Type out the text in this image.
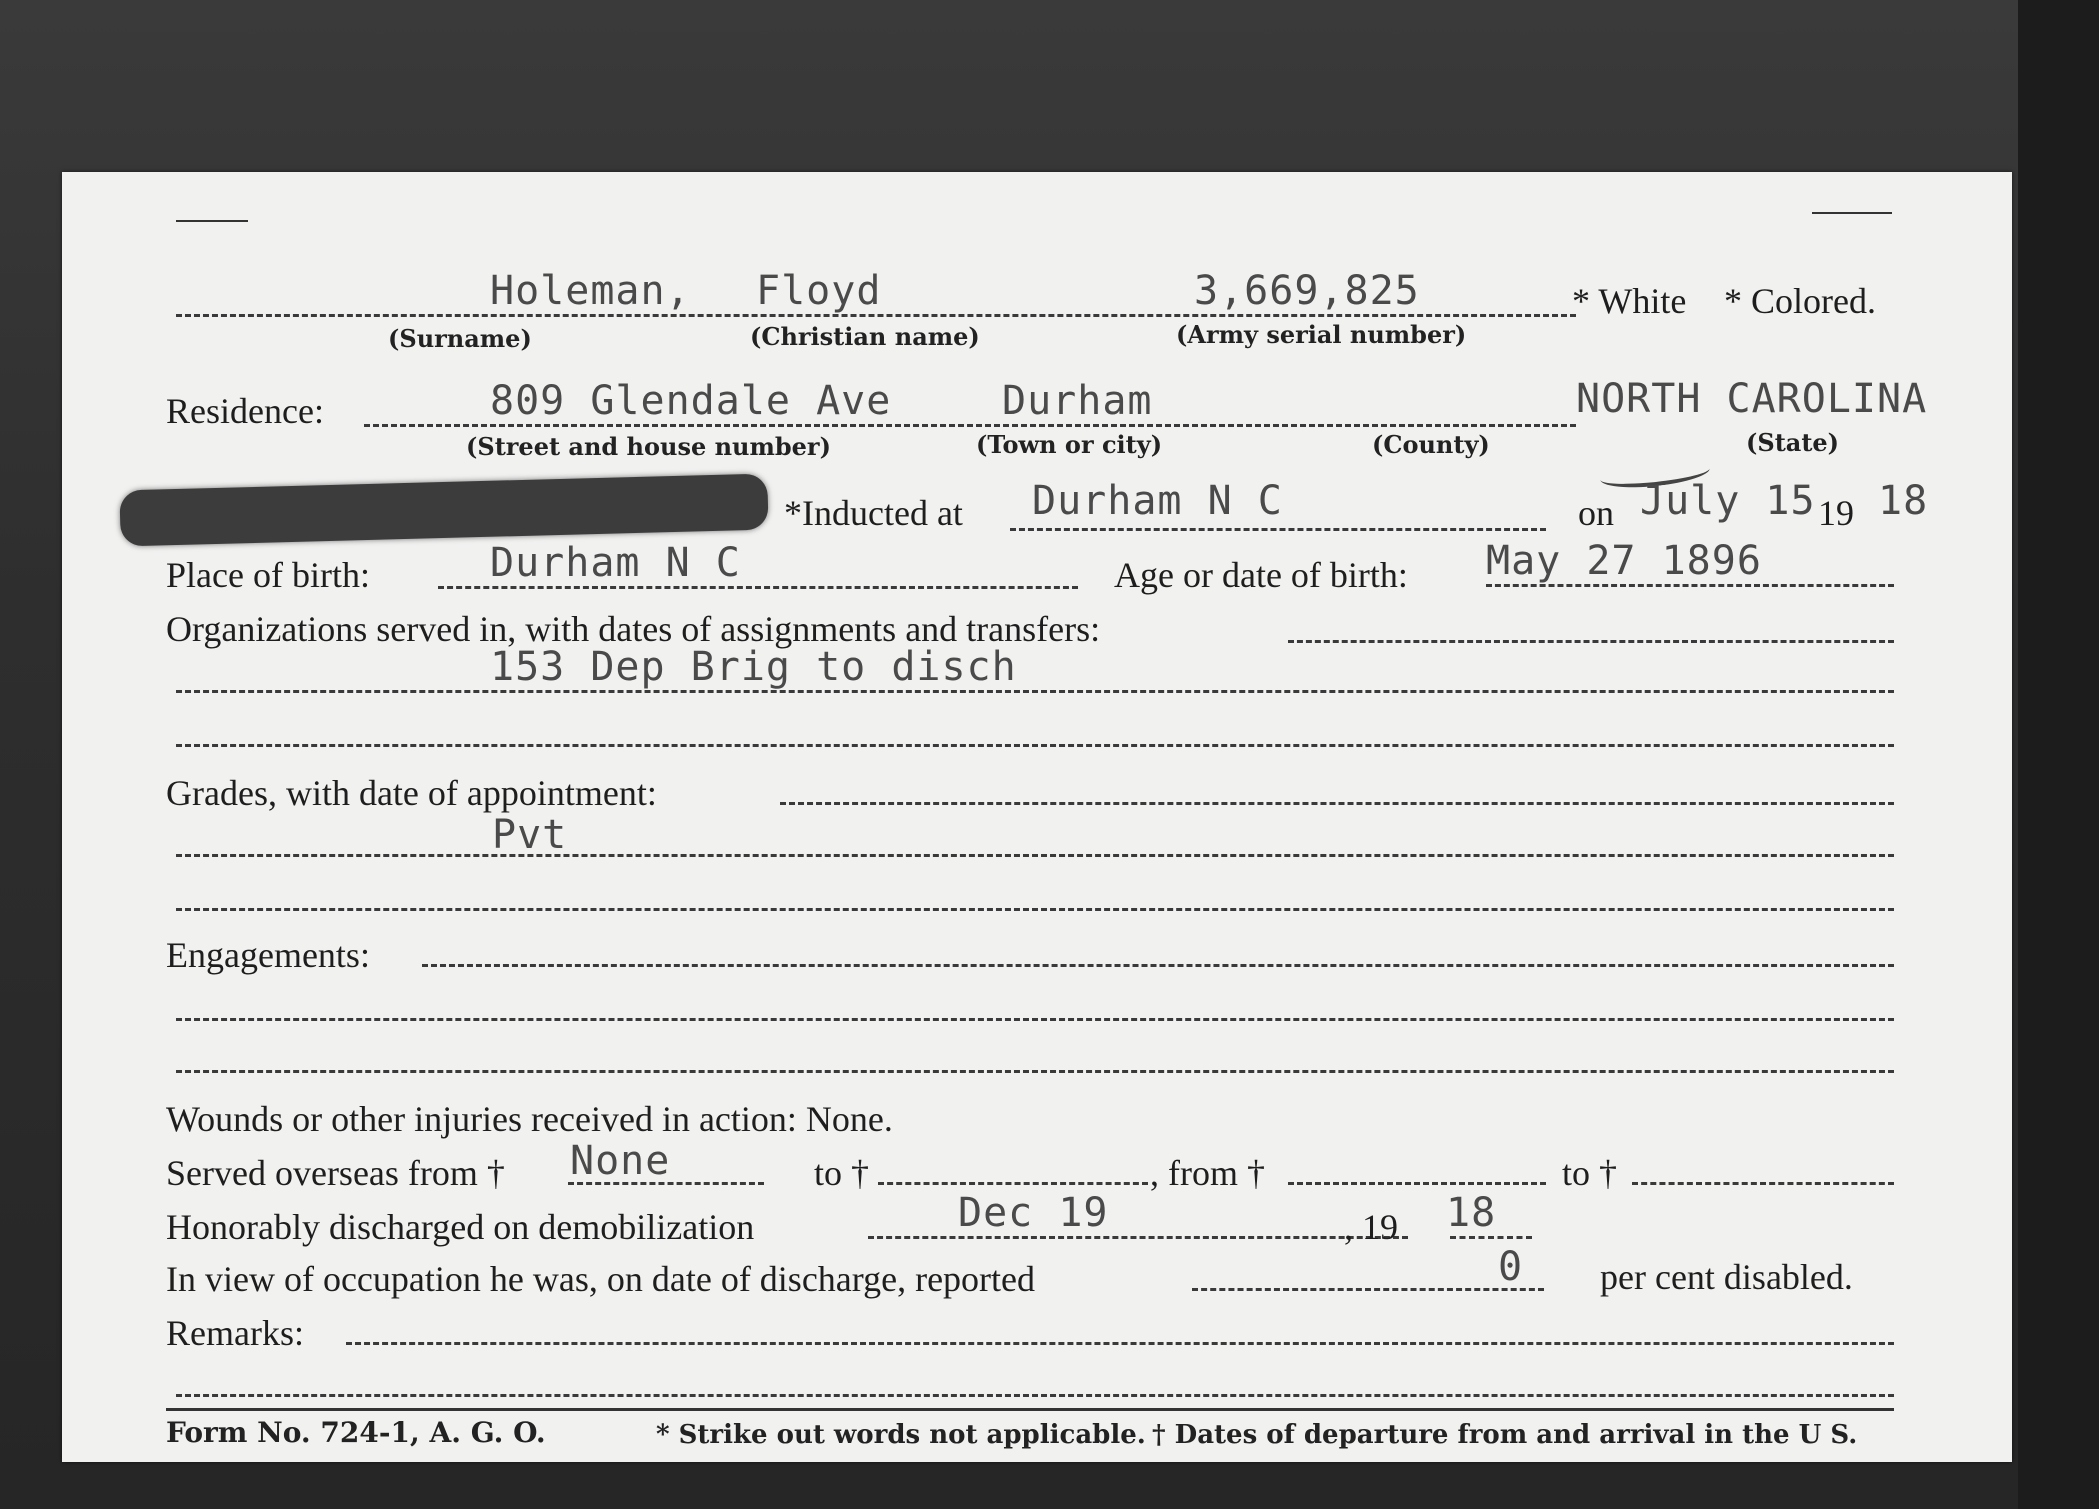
Holeman, Floyd	3,669,825	* White * Colored.
(Surname)	(Christian name)	(Army serial number)
Residence:	809 Glendale Ave	Durham	NORTH CAROLINA
(Street and house number)	(Town or city)	(County)	(State)
*Inducted at Durham N C	on July 15 19 18
Place of birth:	Durham N C	Age or date of birth: May 27 1896
Organizations served in, with dates of assignments and transfers:
153 Dep Brig to disch
Grades, with date of appointment:
Pvt
Engagements:
Wounds or other injuries received in action: None.
Served overseas from † None	to †	, from †	to †
Honorably discharged on demobilization	Dec 19	, 19 18
In view of occupation he was, on date of discharge, reported	0 per cent disabled.
Remarks:
Form No. 724-1, A. G. O.	* Strike out words not applicable. † Dates of departure from and arrival in the U S.
